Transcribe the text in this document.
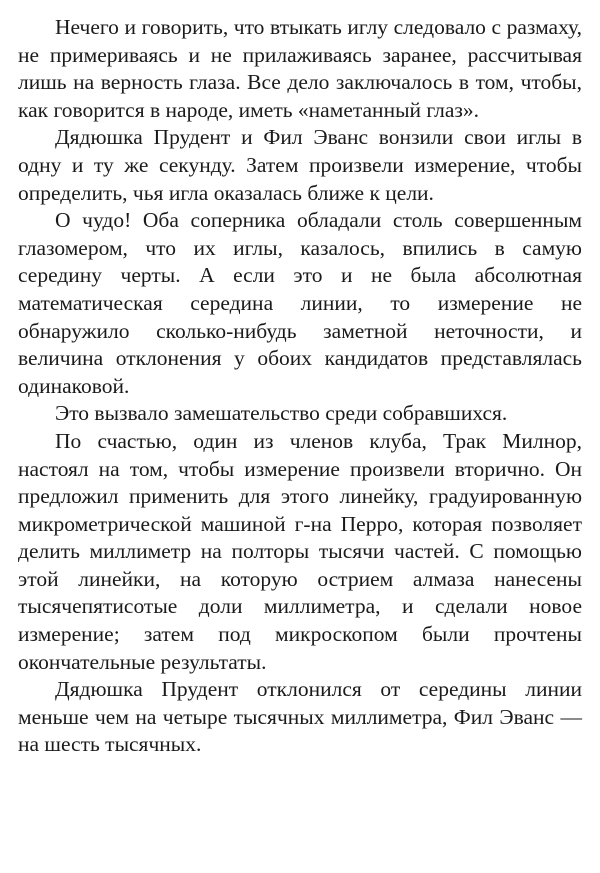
Нечего и говорить, что втыкать иглу следовало с размаху, не примериваясь и не прилаживаясь заранее, рассчитывая лишь на верность глаза. Все дело заключалось в том, чтобы, как говорится в народе, иметь «наметанный глаз».

Дядюшка Прудент и Фил Эванс вонзили свои иглы в одну и ту же секунду. Затем произвели измерение, чтобы определить, чья игла оказалась ближе к цели.

О чудо! Оба соперника обладали столь совершенным глазомером, что их иглы, казалось, впились в самую середину черты. А если это и не была абсолютная математическая середина линии, то измерение не обнаружило сколько-нибудь заметной неточности, и величина отклонения у обоих кандидатов представлялась одинаковой.

Это вызвало замешательство среди собравшихся.

По счастью, один из членов клуба, Трак Милнор, настоял на том, чтобы измерение произвели вторично. Он предложил применить для этого линейку, градуированную микрометрической машиной г-на Перро, которая позволяет делить миллиметр на полторы тысячи частей. С помощью этой линейки, на которую острием алмаза нанесены тысячепятисотые доли миллиметра, и сделали новое измерение; затем под микроскопом были прочтены окончательные результаты.

Дядюшка Прудент отклонился от середины линии меньше чем на четыре тысячных миллиметра, Фил Эванс — на шесть тысячных.
